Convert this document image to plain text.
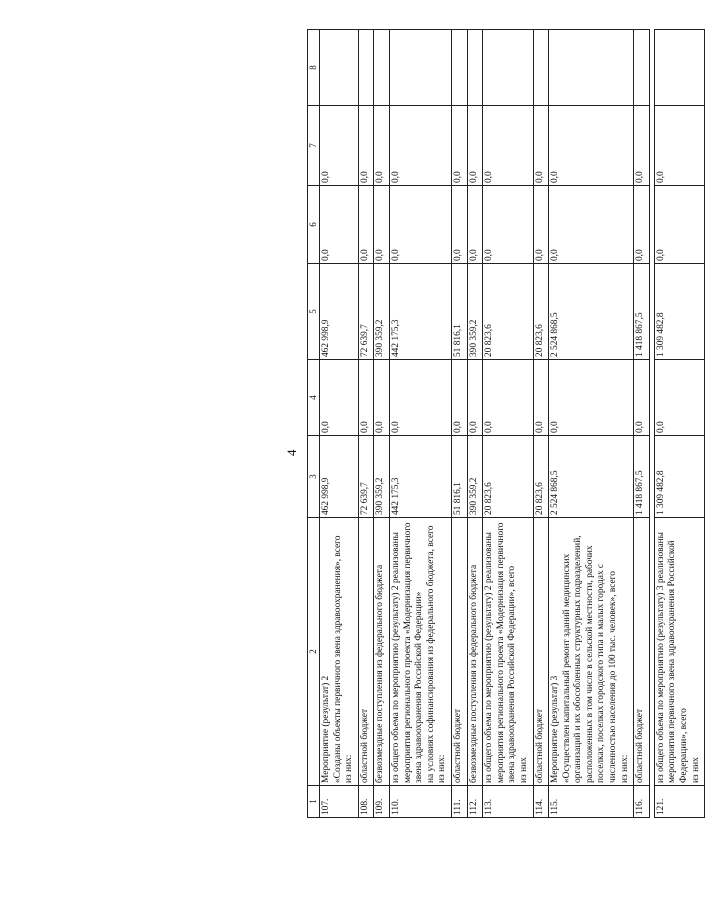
4
1	2	3	4	5	6	7	8
107.	Мероприятие (результат) 2
«Созданы объекты первичного звена здравоохранения», всего
из них:	462 998,9	0,0	462 998,9	0,0	0,0	
108.	областной бюджет	72 639,7	0,0	72 639,7	0,0	0,0	
109.	безвозмездные поступления из федерального бюджета	390 359,2	0,0	390 359,2	0,0	0,0	
110.	из общего объема по мероприятию (результату) 2 реализованы мероприятия регионального проекта «Модернизация первичного звена здравоохранения Российской Федерации»
на условиях софинансирования из федерального бюджета, всего
из них:	442 175,3	0,0	442 175,3	0,0	0,0	
111.	областной бюджет	51 816,1	0,0	51 816,1	0,0	0,0	
112.	безвозмездные поступления из федерального бюджета	390 359,2	0,0	390 359,2	0,0	0,0	
113.	из общего объема по мероприятию (результату) 2 реализованы мероприятия регионального проекта «Модернизация первичного звена здравоохранения Российской Федерации», всего
из них	20 823,6	0,0	20 823,6	0,0	0,0	
114.	областной бюджет	20 823,6	0,0	20 823,6	0,0	0,0	
115.	Мероприятие (результат) 3
«Осуществлен капитальный ремонт зданий медицинских организаций и их обособленных структурных подразделений, расположенных в том числе в сельской местности, рабочих поселках, поселках городского типа и малых городах с численностью населения до 100 тыс. человек», всего
из них:	2 524 868,5	0,0	2 524 868,5	0,0	0,0	
116.	областной бюджет	1 418 867,5	0,0	1 418 867,5	0,0	0,0	

121.	из общего объема по мероприятию (результату) 3 реализованы мероприятия первичного звена здравоохранения Российской Федерации», всего
из них	1 309 482,8	0,0	1 309 482,8	0,0	0,0	
